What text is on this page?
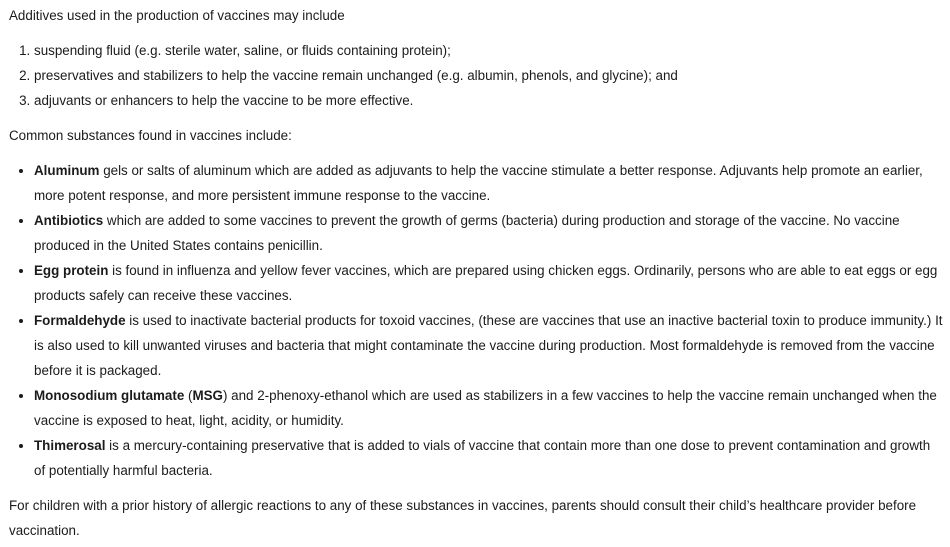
Additives used in the production of vaccines may include

1. suspending fluid (e.g. sterile water, saline, or fluids containing protein);
2. preservatives and stabilizers to help the vaccine remain unchanged (e.g. albumin, phenols, and glycine); and
3. adjuvants or enhancers to help the vaccine to be more effective.

Common substances found in vaccines include:

• Aluminum gels or salts of aluminum which are added as adjuvants to help the vaccine stimulate a better response. Adjuvants help promote an earlier, more potent response, and more persistent immune response to the vaccine.
• Antibiotics which are added to some vaccines to prevent the growth of germs (bacteria) during production and storage of the vaccine. No vaccine produced in the United States contains penicillin.
• Egg protein is found in influenza and yellow fever vaccines, which are prepared using chicken eggs. Ordinarily, persons who are able to eat eggs or egg products safely can receive these vaccines.
• Formaldehyde is used to inactivate bacterial products for toxoid vaccines, (these are vaccines that use an inactive bacterial toxin to produce immunity.) It is also used to kill unwanted viruses and bacteria that might contaminate the vaccine during production. Most formaldehyde is removed from the vaccine before it is packaged.
• Monosodium glutamate (MSG) and 2-phenoxy-ethanol which are used as stabilizers in a few vaccines to help the vaccine remain unchanged when the vaccine is exposed to heat, light, acidity, or humidity.
• Thimerosal is a mercury-containing preservative that is added to vials of vaccine that contain more than one dose to prevent contamination and growth of potentially harmful bacteria.

For children with a prior history of allergic reactions to any of these substances in vaccines, parents should consult their child’s healthcare provider before vaccination.
